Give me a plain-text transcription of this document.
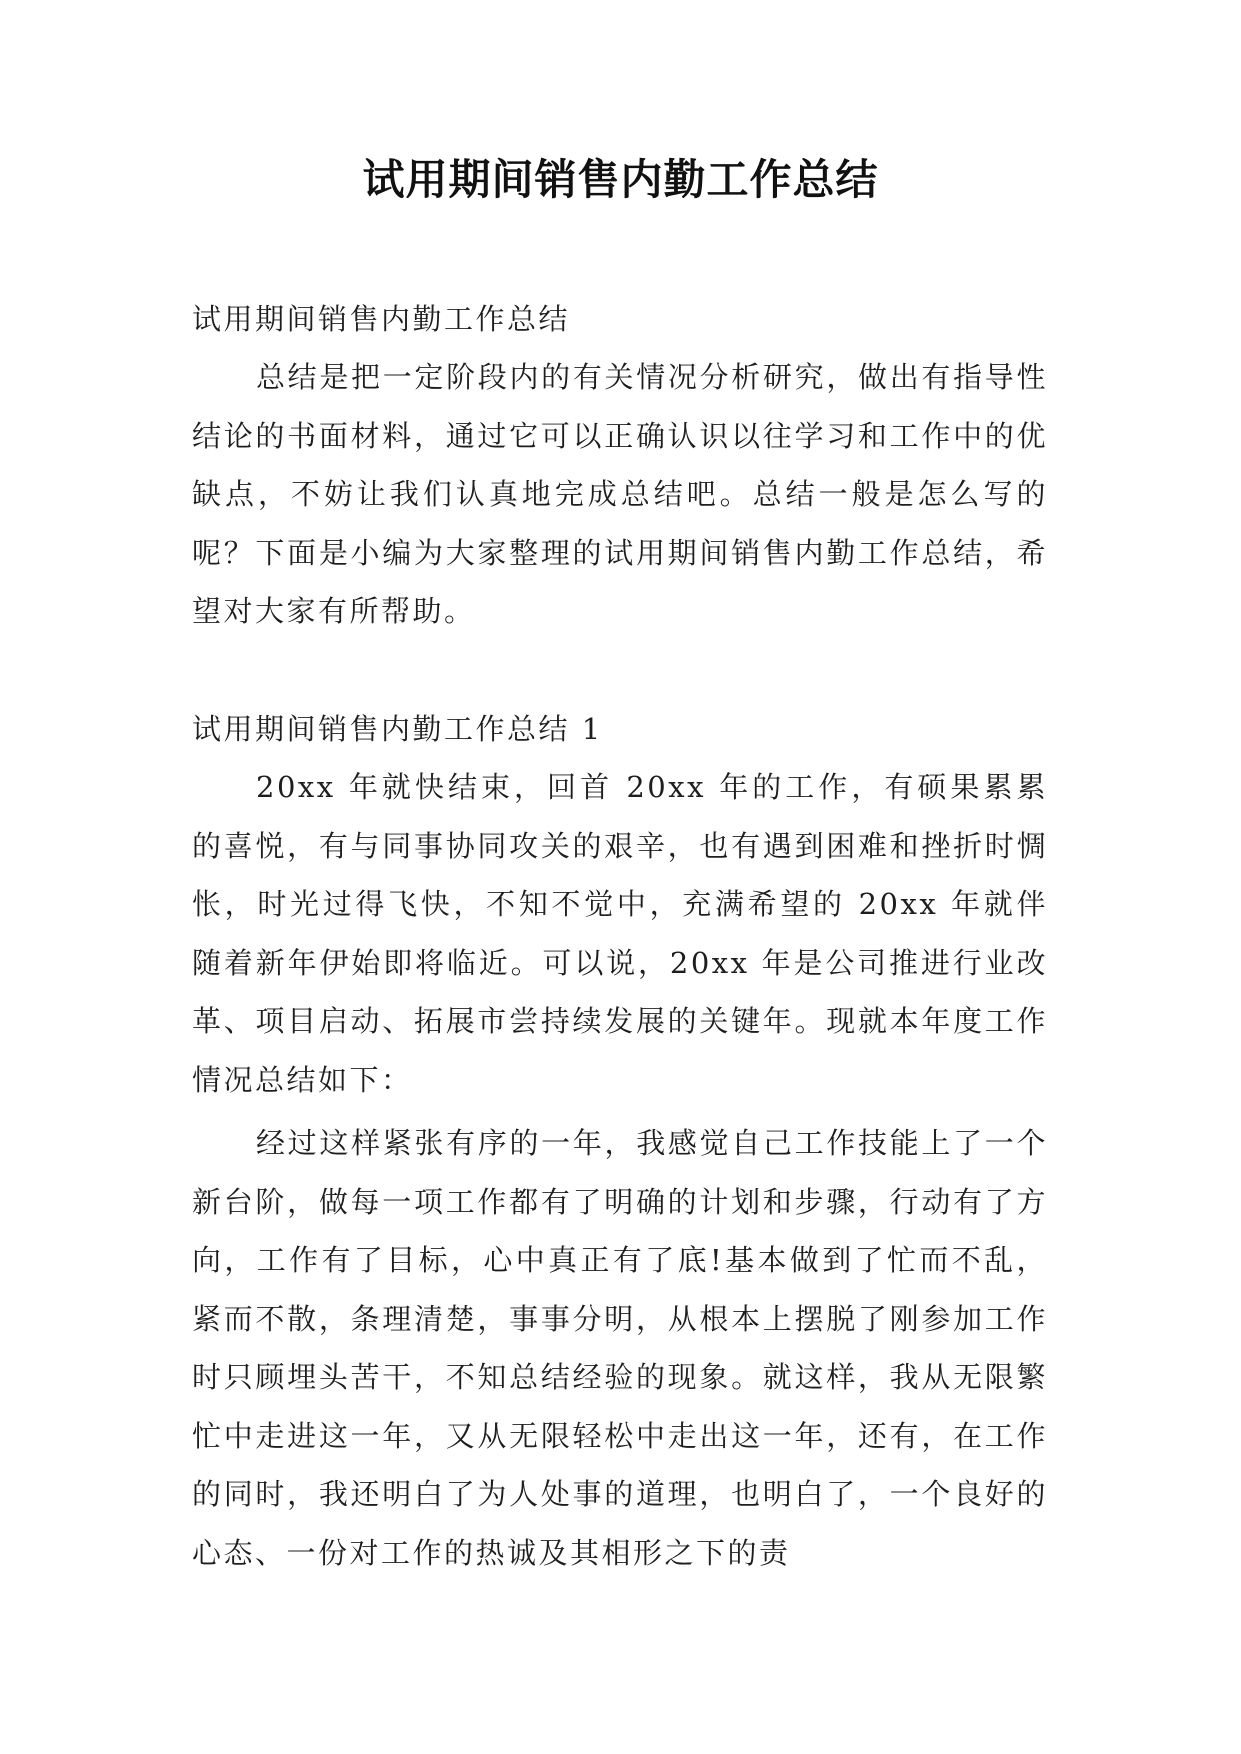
试用期间销售内勤工作总结

试用期间销售内勤工作总结

总结是把一定阶段内的有关情况分析研究，做出有指导性结论的书面材料，通过它可以正确认识以往学习和工作中的优缺点，不妨让我们认真地完成总结吧。总结一般是怎么写的呢？下面是小编为大家整理的试用期间销售内勤工作总结，希望对大家有所帮助。

试用期间销售内勤工作总结 1

20xx 年就快结束，回首 20xx 年的工作，有硕果累累的喜悦，有与同事协同攻关的艰辛，也有遇到困难和挫折时惆怅，时光过得飞快，不知不觉中，充满希望的 20xx 年就伴随着新年伊始即将临近。可以说，20xx 年是公司推进行业改革、项目启动、拓展市尝持续发展的关键年。现就本年度工作情况总结如下：

经过这样紧张有序的一年，我感觉自己工作技能上了一个新台阶，做每一项工作都有了明确的计划和步骤，行动有了方向，工作有了目标，心中真正有了底!基本做到了忙而不乱，紧而不散，条理清楚，事事分明，从根本上摆脱了刚参加工作时只顾埋头苦干，不知总结经验的现象。就这样，我从无限繁忙中走进这一年，又从无限轻松中走出这一年，还有，在工作的同时，我还明白了为人处事的道理，也明白了，一个良好的心态、一份对工作的热诚及其相形之下的责
